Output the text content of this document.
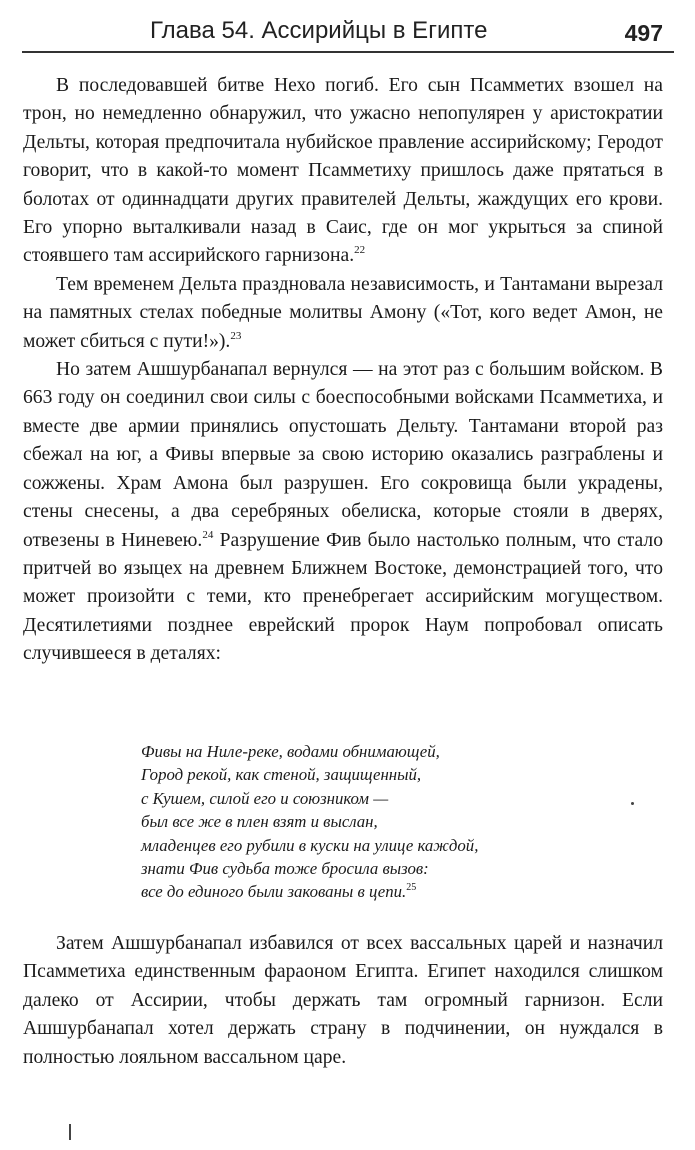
Глава 54. Ассирийцы в Египте	497

В последовавшей битве Нехо погиб. Его сын Псамметих взошел на трон, но немедленно обнаружил, что ужасно непопулярен у аристократии Дельты, которая предпочитала нубийское правление ассирийскому; Геродот говорит, что в какой-то момент Псамметиху пришлось даже прятаться в болотах от одиннадцати других правителей Дельты, жаждущих его крови. Его упорно выталкивали назад в Саис, где он мог укрыться за спиной стоявшего там ассирийского гарнизона.$^{22}$

Тем временем Дельта праздновала независимость, и Тантамани вырезал на памятных стелах победные молитвы Амону («Тот, кого ведет Амон, не может сбиться с пути!»).$^{23}$

Но затем Ашшурбанапал вернулся — на этот раз с большим войском. В 663 году он соединил свои силы с боеспособными войсками Псамметиха, и вместе две армии принялись опустошать Дельту. Тантамани второй раз сбежал на юг, а Фивы впервые за свою историю оказались разграблены и сожжены. Храм Амона был разрушен. Его сокровища были украдены, стены снесены, а два серебряных обелиска, которые стояли в дверях, отвезены в Ниневею.$^{24}$ Разрушение Фив было настолько полным, что стало притчей во языцех на древнем Ближнем Востоке, демонстрацией того, что может произойти с теми, кто пренебрегает ассирийским могуществом. Десятилетиями позднее еврейский пророк Наум попробовал описать случившееся в деталях:

Фивы на Ниле-реке, водами обнимающей,
Город рекой, как стеной, защищенный,
с Кушем, силой его и союзником —
был все же в плен взят и выслан,
младенцев его рубили в куски на улице каждой,
знати Фив судьба тоже бросила вызов:
все до единого были закованы в цепи.$^{25}$

Затем Ашшурбанапал избавился от всех вассальных царей и назначил Псамметиха единственным фараоном Египта. Египет находился слишком далеко от Ассирии, чтобы держать там огромный гарнизон. Если Ашшурбанапал хотел держать страну в подчинении, он нуждался в полностью лояльном вассальном царе.
